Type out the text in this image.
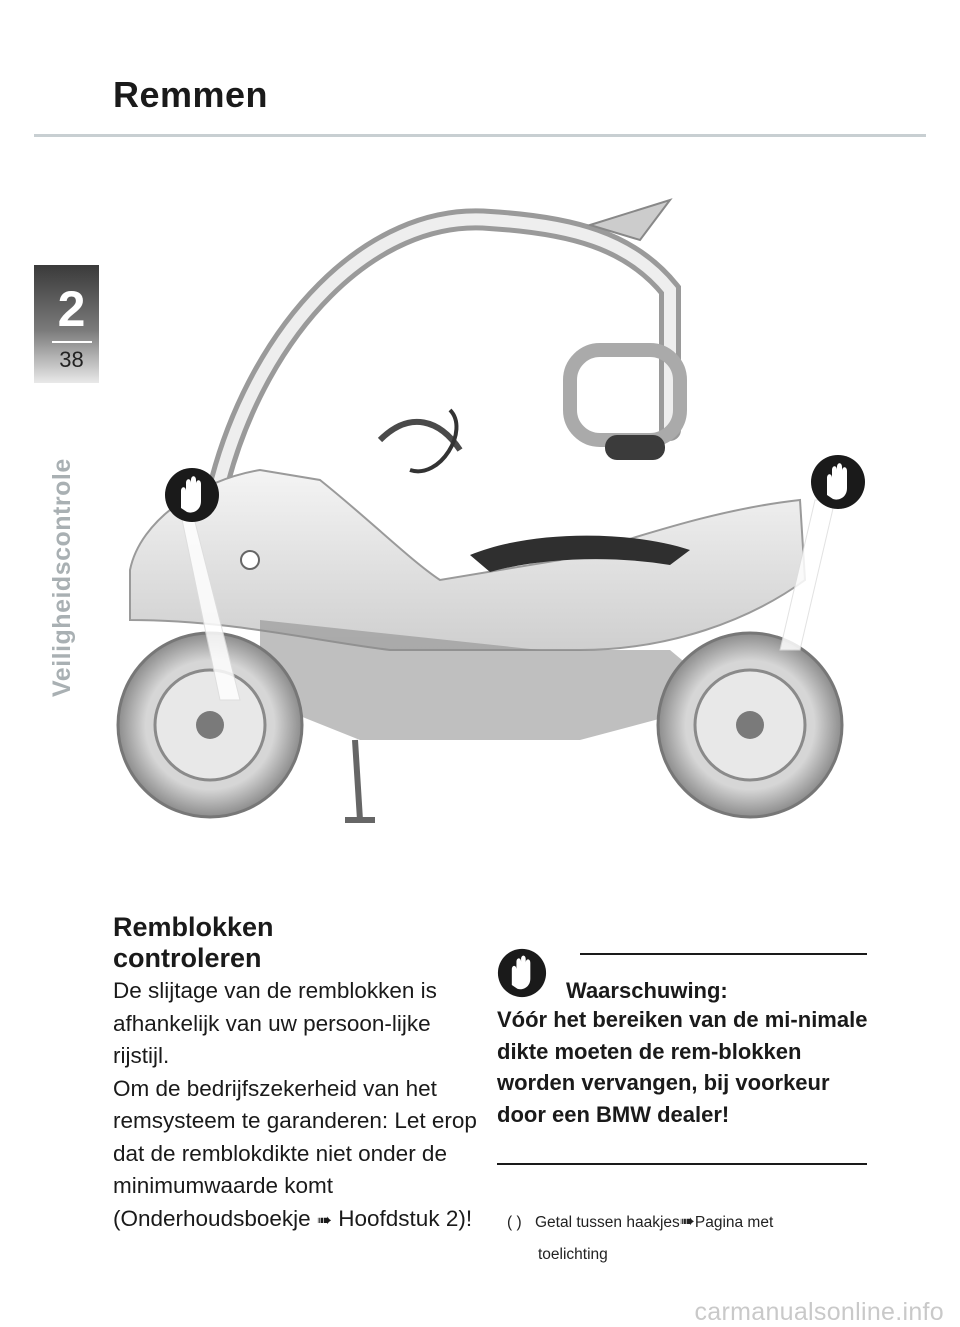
Remmen
2
38
Veiligheidscontrole
Remblokken
controleren

De slijtage van de remblokken is afhankelijk van uw persoon-lijke rijstijl.

Om de bedrijfszekerheid van het remsysteem te garanderen: Let erop dat de remblokdikte niet onder de minimumwaarde komt (Onderhoudsboekje ➠ Hoofdstuk 2)!

Waarschuwing:
Vóór het bereiken van de mi-nimale dikte moeten de rem-blokken worden vervangen, bij voorkeur door een BMW dealer!
( ) Getal tussen haakjes➠Pagina met
toelichting
carmanualsonline.info
